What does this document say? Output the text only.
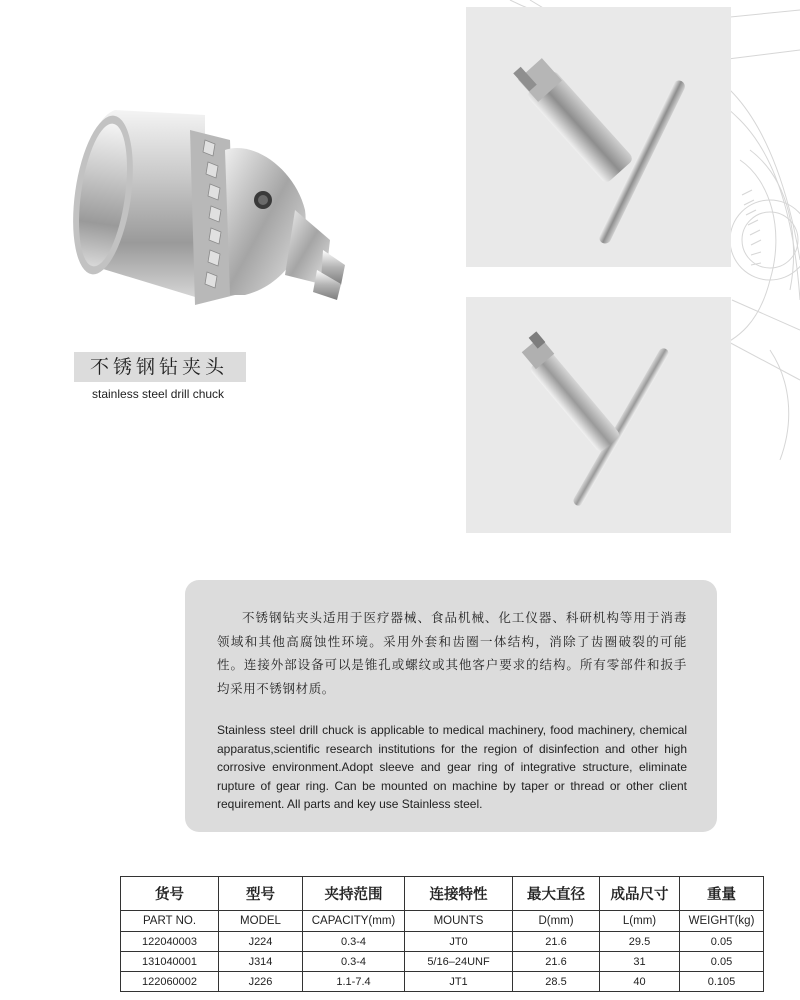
不锈钢钻夹头
stainless steel drill chuck

不锈钢钻夹头适用于医疗器械、食品机械、化工仪器、科研机构等用于消毒领域和其他高腐蚀性环境。采用外套和齿圈一体结构，消除了齿圈破裂的可能性。连接外部设备可以是锥孔或螺纹或其他客户要求的结构。所有零部件和扳手均采用不锈钢材质。

Stainless steel drill chuck is applicable to medical machinery, food machinery, chemical apparatus,scientific research institutions for the region of disinfection and other high corrosive environment.Adopt sleeve and gear ring of integrative structure, eliminate rupture of gear ring. Can be mounted on machine by taper or thread or other client requirement. All parts and key use Stainless steel.

货号	型号	夹持范围	连接特性	最大直径	成品尺寸	重量
PART NO.	MODEL	CAPACITY(mm)	MOUNTS	D(mm)	L(mm)	WEIGHT(kg)
122040003	J224	0.3-4	JT0	21.6	29.5	0.05
131040001	J314	0.3-4	5/16–24UNF	21.6	31	0.05
122060002	J226	1.1-7.4	JT1	28.5	40	0.105
